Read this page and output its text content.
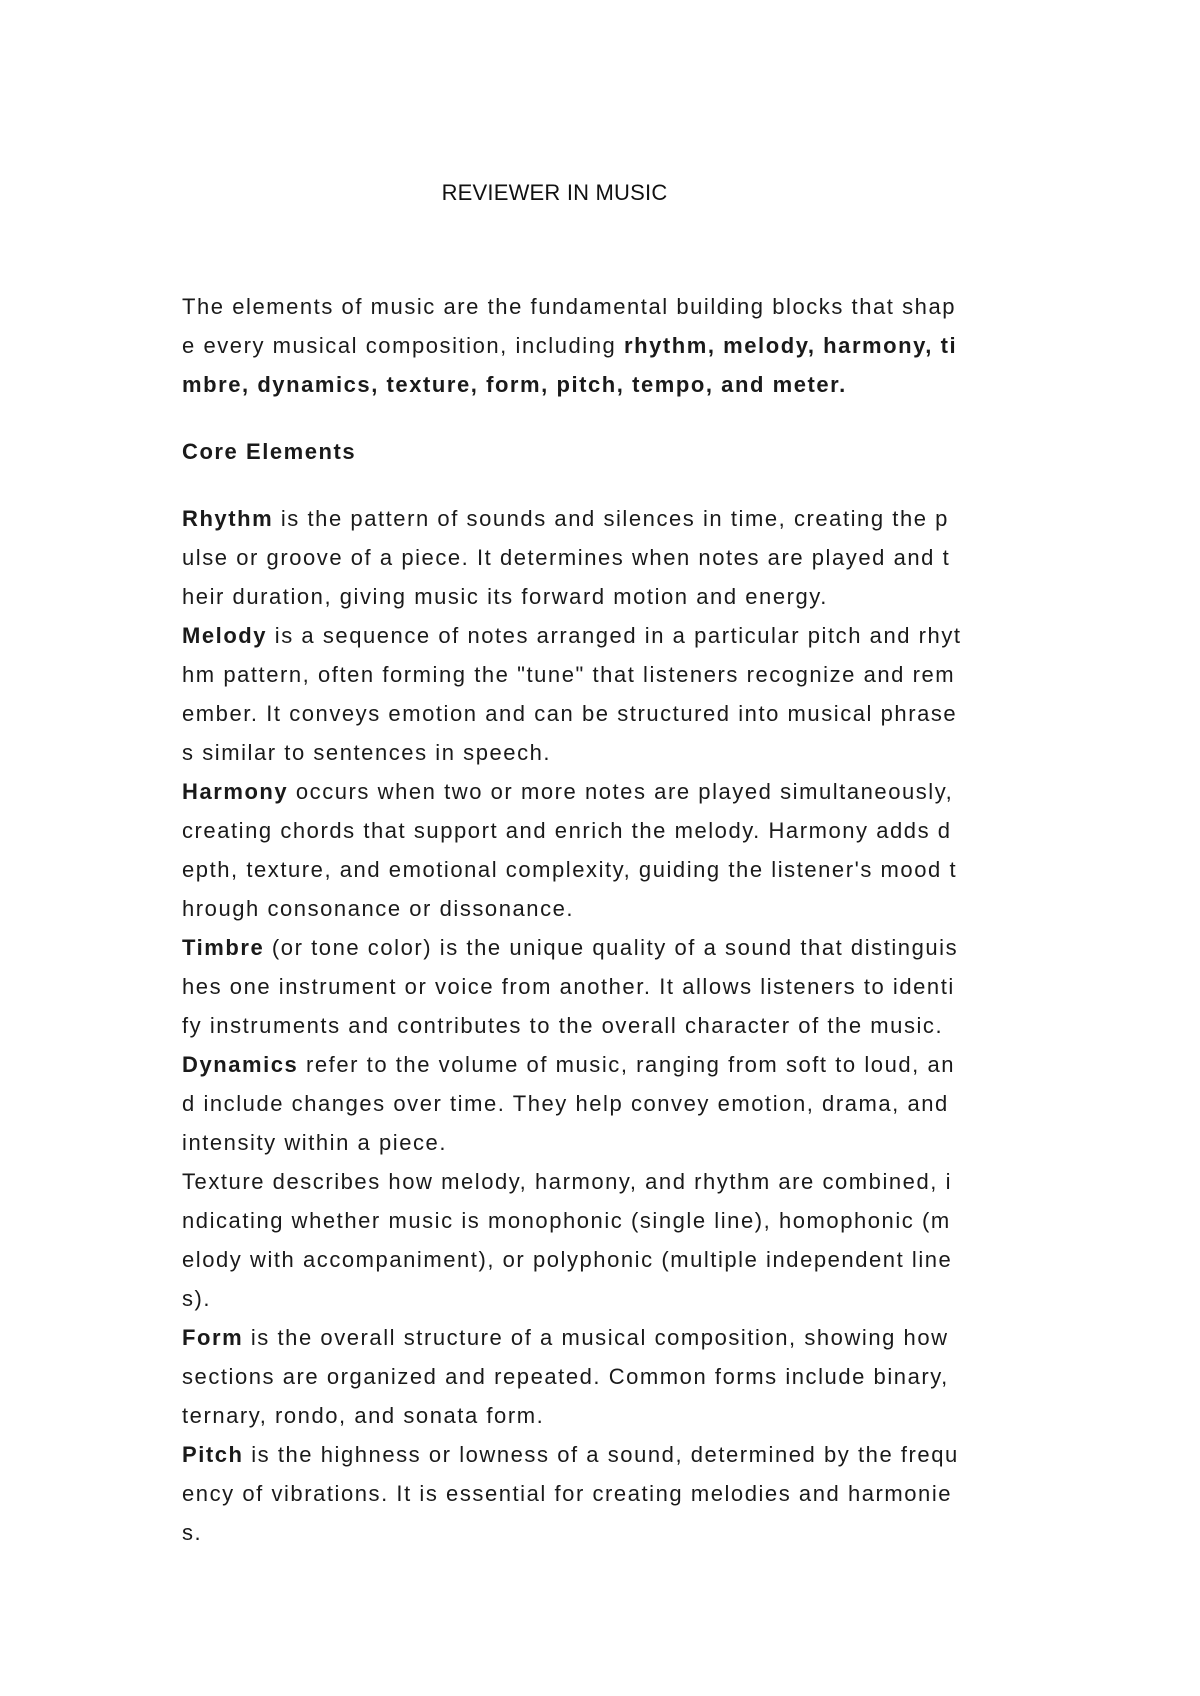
REVIEWER IN MUSIC

The elements of music are the fundamental building blocks that shap

e every musical composition, including rhythm, melody, harmony, ti

mbre, dynamics, texture, form, pitch, tempo, and meter.

Core Elements

Rhythm is the pattern of sounds and silences in time, creating the p

ulse or groove of a piece. It determines when notes are played and t

heir duration, giving music its forward motion and energy.

Melody is a sequence of notes arranged in a particular pitch and rhyt

hm pattern, often forming the "tune" that listeners recognize and rem

ember. It conveys emotion and can be structured into musical phrase

s similar to sentences in speech.

Harmony occurs when two or more notes are played simultaneously,

creating chords that support and enrich the melody. Harmony adds d

epth, texture, and emotional complexity, guiding the listener's mood t

hrough consonance or dissonance.

Timbre (or tone color) is the unique quality of a sound that distinguis

hes one instrument or voice from another. It allows listeners to identi

fy instruments and contributes to the overall character of the music.

Dynamics refer to the volume of music, ranging from soft to loud, an

d include changes over time. They help convey emotion, drama, and

intensity within a piece.

Texture describes how melody, harmony, and rhythm are combined, i

ndicating whether music is monophonic (single line), homophonic (m

elody with accompaniment), or polyphonic (multiple independent line

s).

Form is the overall structure of a musical composition, showing how

sections are organized and repeated. Common forms include binary,

ternary, rondo, and sonata form.

Pitch is the highness or lowness of a sound, determined by the frequ

ency of vibrations. It is essential for creating melodies and harmonie

s.
